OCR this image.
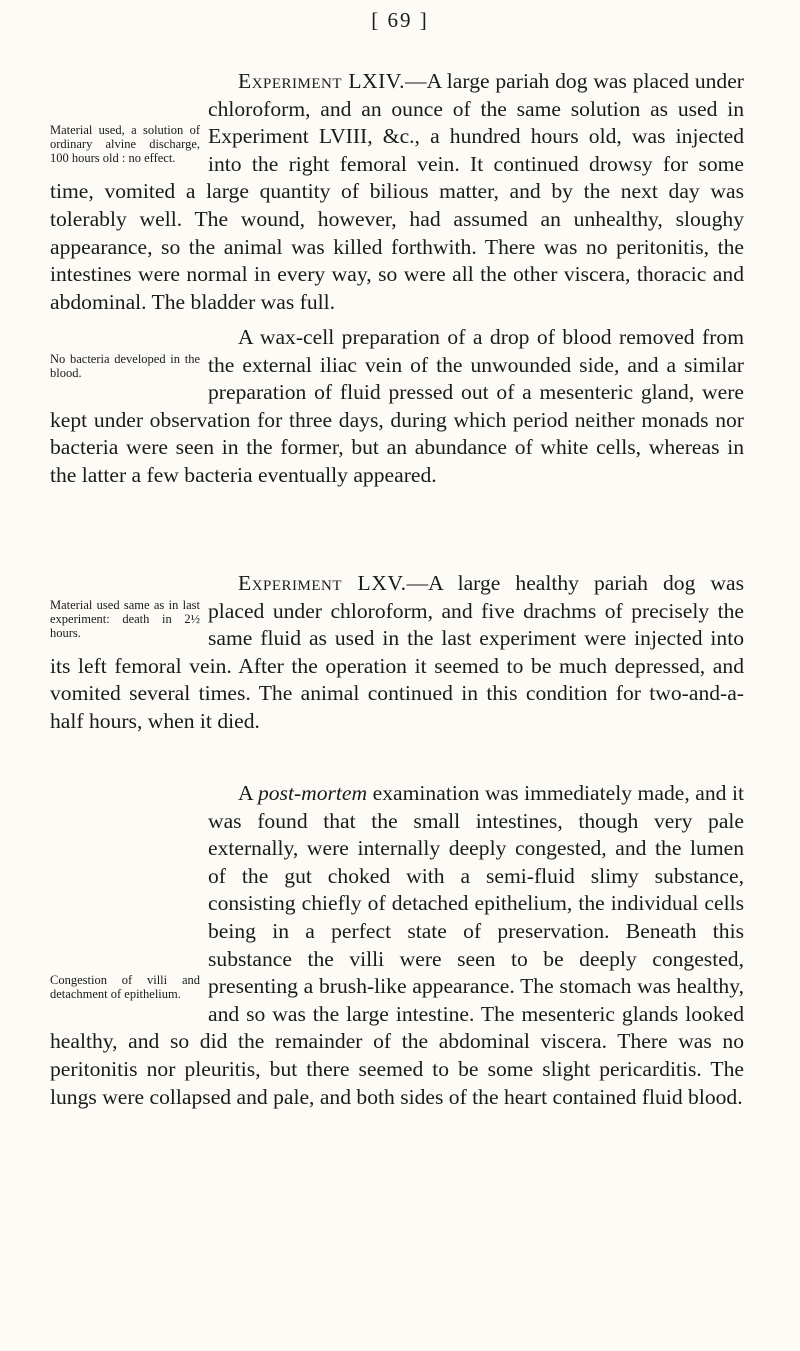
[ 69 ]
Material used, a solution of ordinary alvine discharge, 100 hours old : no effect.
Experiment LXIV.—A large pariah dog was placed under chloroform, and an ounce of the same solution as used in Experiment LVIII, &c., a hundred hours old, was injected into the right femoral vein. It continued drowsy for some time, vomited a large quantity of bilious matter, and by the next day was tolerably well. The wound, however, had assumed an unhealthy, sloughy appearance, so the animal was killed forthwith. There was no peritonitis, the intestines were normal in every way, so were all the other viscera, thoracic and abdominal. The bladder was full.
No bacteria developed in the blood.
A wax-cell preparation of a drop of blood removed from the external iliac vein of the unwounded side, and a similar preparation of fluid pressed out of a mesenteric gland, were kept under observation for three days, during which period neither monads nor bacteria were seen in the former, but an abundance of white cells, whereas in the latter a few bacteria eventually appeared.
Material used same as in last experiment: death in 2½ hours.
Experiment LXV.—A large healthy pariah dog was placed under chloroform, and five drachms of precisely the same fluid as used in the last experiment were injected into its left femoral vein. After the operation it seemed to be much depressed, and vomited several times. The animal continued in this condition for two-and-a-half hours, when it died.
Congestion of villi and detachment of epithelium.
A post-mortem examination was immediately made, and it was found that the small intestines, though very pale externally, were internally deeply congested, and the lumen of the gut choked with a semi-fluid slimy substance, consisting chiefly of detached epithelium, the individual cells being in a perfect state of preservation. Beneath this substance the villi were seen to be deeply congested, presenting a brush-like appearance. The stomach was healthy, and so was the large intestine. The mesenteric glands looked healthy, and so did the remainder of the abdominal viscera. There was no peritonitis nor pleuritis, but there seemed to be some slight pericarditis. The lungs were collapsed and pale, and both sides of the heart contained fluid blood.
